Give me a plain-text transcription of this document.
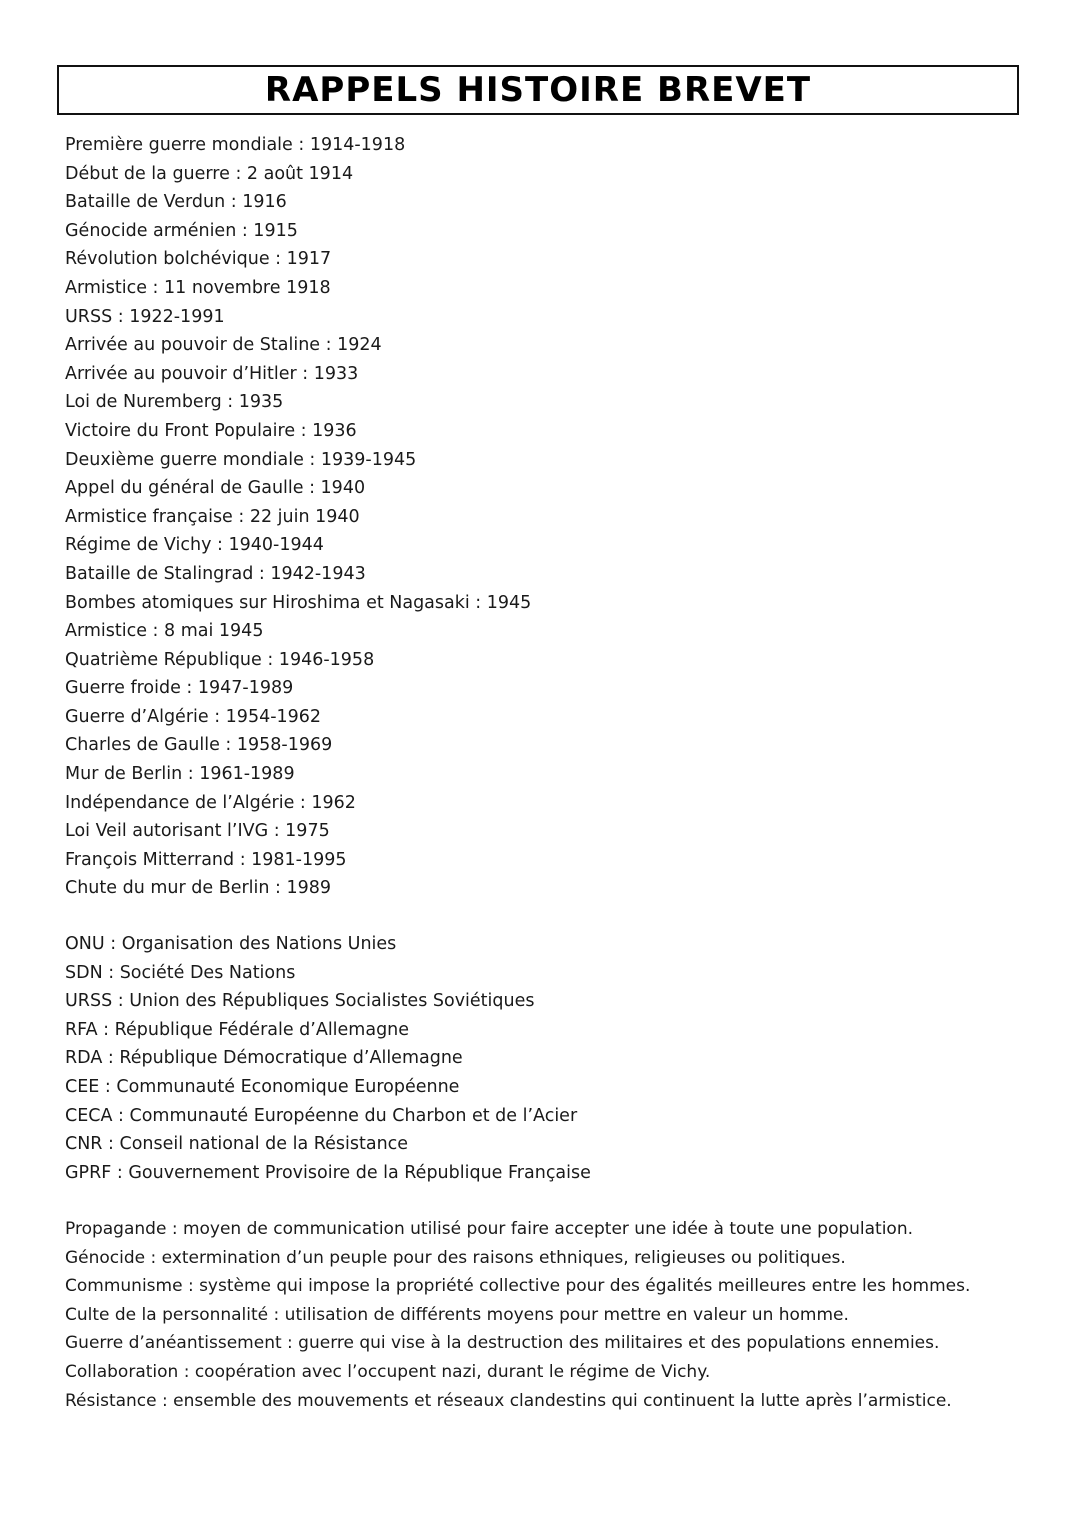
RAPPELS HISTOIRE BREVET
Première guerre mondiale : 1914-1918
Début de la guerre : 2 août 1914
Bataille de Verdun : 1916
Génocide arménien : 1915
Révolution bolchévique : 1917
Armistice : 11 novembre 1918
URSS : 1922-1991
Arrivée au pouvoir de Staline : 1924
Arrivée au pouvoir d’Hitler : 1933
Loi de Nuremberg : 1935
Victoire du Front Populaire : 1936
Deuxième guerre mondiale : 1939-1945
Appel du général de Gaulle : 1940
Armistice française : 22 juin 1940
Régime de Vichy : 1940-1944
Bataille de Stalingrad : 1942-1943
Bombes atomiques sur Hiroshima et Nagasaki : 1945
Armistice : 8 mai 1945
Quatrième République : 1946-1958
Guerre froide : 1947-1989
Guerre d’Algérie : 1954-1962
Charles de Gaulle : 1958-1969
Mur de Berlin : 1961-1989
Indépendance de l’Algérie : 1962
Loi Veil autorisant l’IVG : 1975
François Mitterrand : 1981-1995
Chute du mur de Berlin : 1989
ONU : Organisation des Nations Unies
SDN : Société Des Nations
URSS : Union des Républiques Socialistes Soviétiques
RFA : République Fédérale d’Allemagne
RDA : République Démocratique d’Allemagne
CEE : Communauté Economique Européenne
CECA : Communauté Européenne du Charbon et de l’Acier
CNR : Conseil national de la Résistance
GPRF : Gouvernement Provisoire de la République Française
Propagande : moyen de communication utilisé pour faire accepter une idée à toute une population.
Génocide : extermination d’un peuple pour des raisons ethniques, religieuses ou politiques.
Communisme : système qui impose la propriété collective pour des égalités meilleures entre les hommes.
Culte de la personnalité : utilisation de différents moyens pour mettre en valeur un homme.
Guerre d’anéantissement : guerre qui vise à la destruction des militaires et des populations ennemies.
Collaboration : coopération avec l’occupent nazi, durant le régime de Vichy.
Résistance : ensemble des mouvements et réseaux clandestins qui continuent la lutte après l’armistice.
